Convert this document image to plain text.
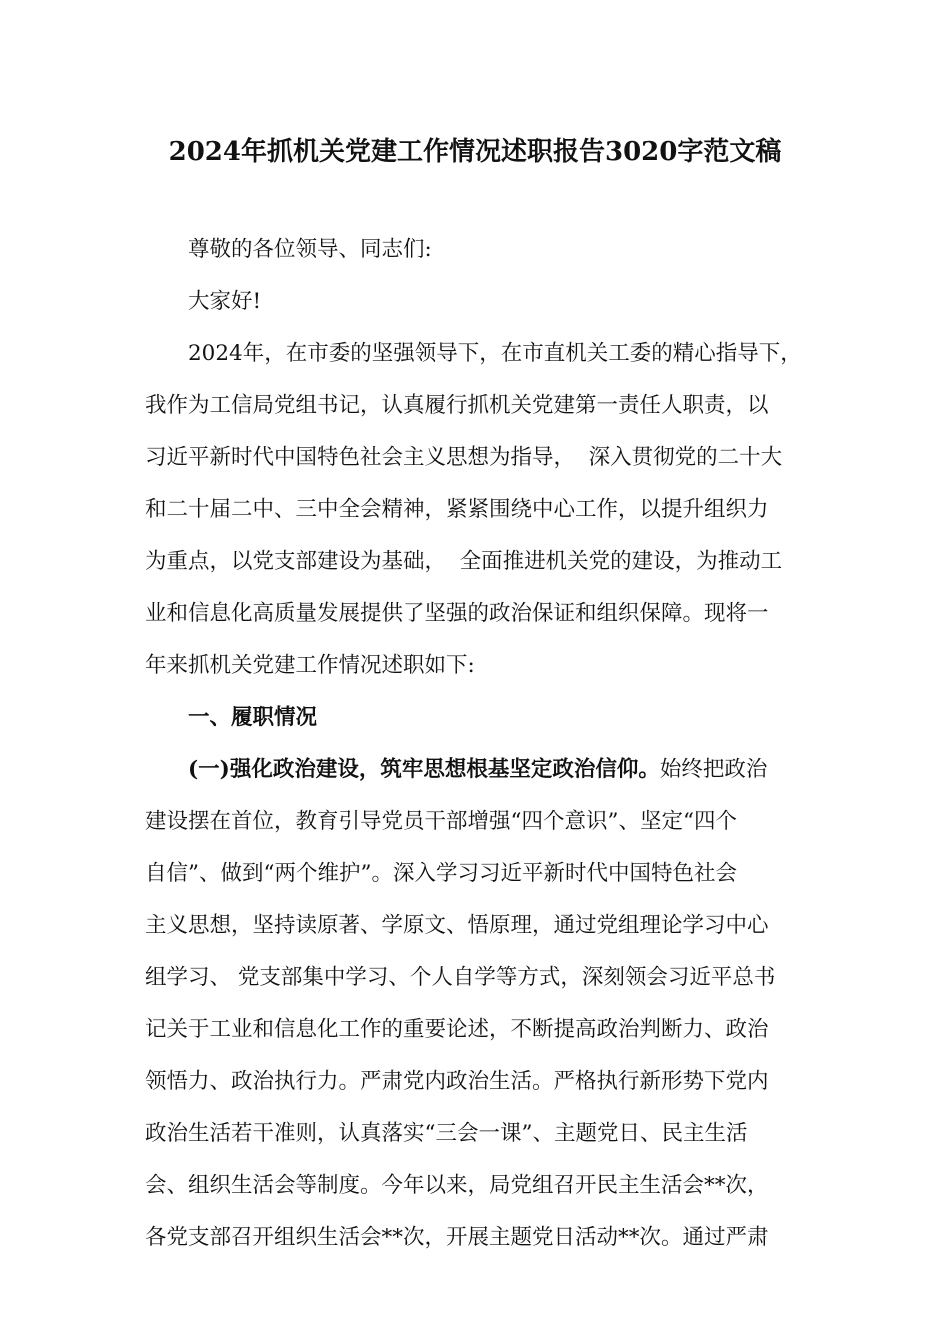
2024年抓机关党建工作情况述职报告3020字范文稿

尊敬的各位领导、同志们:

大家好!

2024年，在市委的坚强领导下，在市直机关工委的精心指导下，
我作为工信局党组书记，认真履行抓机关党建第一责任人职责，以
习近平新时代中国特色社会主义思想为指导，  深入贯彻党的二十大
和二十届二中、三中全会精神，紧紧围绕中心工作，以提升组织力
为重点，以党支部建设为基础，  全面推进机关党的建设，为推动工
业和信息化高质量发展提供了坚强的政治保证和组织保障。现将一
年来抓机关党建工作情况述职如下:

一、履职情况

(一)强化政治建设，筑牢思想根基坚定政治信仰。始终把政治
建设摆在首位，教育引导党员干部增强“四个意识”、坚定“四个
自信”、做到“两个维护”。深入学习习近平新时代中国特色社会
主义思想，坚持读原著、学原文、悟原理，通过党组理论学习中心
组学习、 党支部集中学习、个人自学等方式，深刻领会习近平总书
记关于工业和信息化工作的重要论述，不断提高政治判断力、政治
领悟力、政治执行力。严肃党内政治生活。严格执行新形势下党内
政治生活若干准则，认真落实“三会一课”、主题党日、民主生活
会、组织生活会等制度。今年以来，局党组召开民主生活会**次，
各党支部召开组织生活会**次，开展主题党日活动**次。通过严肃
